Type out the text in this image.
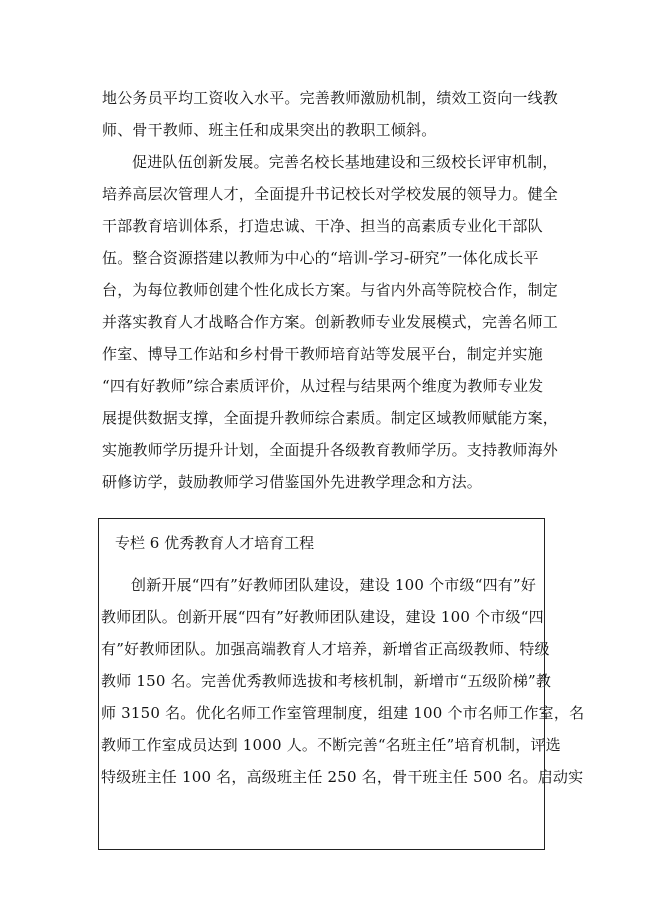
地公务员平均工资收入水平。完善教师激励机制，绩效工资向一线教
师、骨干教师、班主任和成果突出的教职工倾斜。
促进队伍创新发展。完善名校长基地建设和三级校长评审机制，
培养高层次管理人才，全面提升书记校长对学校发展的领导力。健全
干部教育培训体系，打造忠诚、干净、担当的高素质专业化干部队
伍。整合资源搭建以教师为中心的“培训-学习-研究”一体化成长平
台，为每位教师创建个性化成长方案。与省内外高等院校合作，制定
并落实教育人才战略合作方案。创新教师专业发展模式，完善名师工
作室、博导工作站和乡村骨干教师培育站等发展平台，制定并实施
“四有好教师”综合素质评价，从过程与结果两个维度为教师专业发
展提供数据支撑，全面提升教师综合素质。制定区域教师赋能方案，
实施教师学历提升计划，全面提升各级教育教师学历。支持教师海外
研修访学，鼓励教师学习借鉴国外先进教学理念和方法。
专栏 6 优秀教育人才培育工程
创新开展“四有”好教师团队建设，建设 100 个市级“四有”好
教师团队。创新开展“四有”好教师团队建设，建设 100 个市级“四
有”好教师团队。加强高端教育人才培养，新增省正高级教师、特级
教师 150 名。完善优秀教师选拔和考核机制，新增市“五级阶梯”教
师 3150 名。优化名师工作室管理制度，组建 100 个市名师工作室，名
教师工作室成员达到 1000 人。不断完善“名班主任”培育机制，评选
特级班主任 100 名，高级班主任 250 名，骨干班主任 500 名。启动实
